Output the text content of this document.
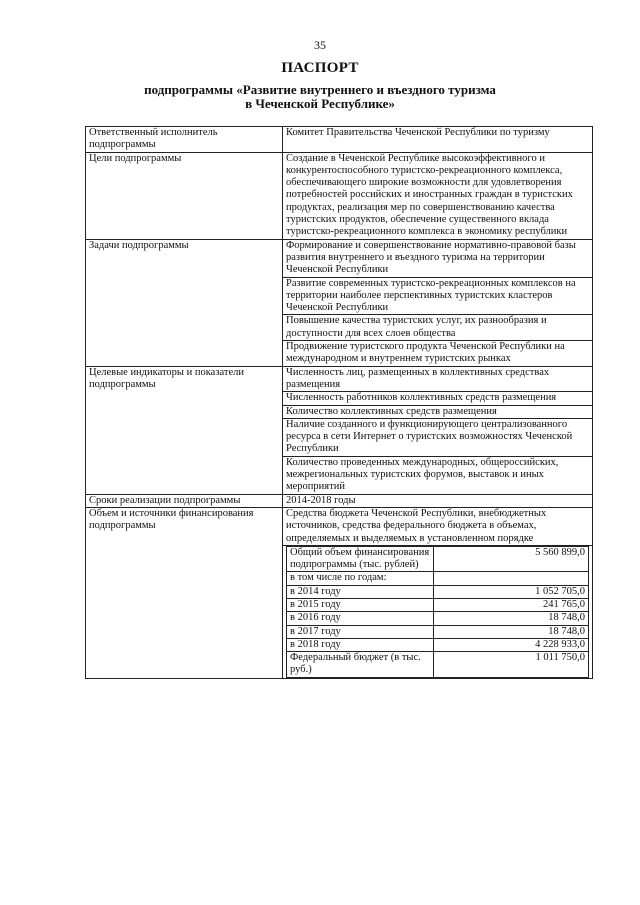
35
ПАСПОРТ
подпрограммы «Развитие внутреннего и въездного туризма
в Чеченской Республике»
Ответственный исполнитель подпрограммы	Комитет Правительства Чеченской Республики по туризму
Цели подпрограммы	Создание в Чеченской Республике высокоэффективного и конкурентоспособного туристско-рекреационного комплекса, обеспечивающего широкие возможности для удовлетворения потребностей российских и иностранных граждан в туристских продуктах, реализация мер по совершенствованию качества туристских продуктов, обеспечение существенного вклада туристско-рекреационного комплекса в экономику республики
Задачи подпрограммы	Формирование и совершенствование нормативно-правовой базы развития внутреннего и въездного туризма на территории Чеченской Республики
Развитие современных туристско-рекреационных комплексов на территории наиболее перспективных туристских кластеров Чеченской Республики
Повышение качества туристских услуг, их разнообразия и доступности для всех слоев общества
Продвижение туристского продукта Чеченской Республики на международном и внутреннем туристских рынках
Целевые индикаторы и показатели подпрограммы	Численность лиц, размещенных в коллективных средствах размещения
Численность работников коллективных средств размещения
Количество коллективных средств размещения
Наличие созданного и функционирующего централизованного ресурса в сети Интернет о туристских возможностях Чеченской Республики
Количество проведенных международных, общероссийских, межрегиональных туристских форумов, выставок и иных мероприятий
Сроки реализации подпрограммы	2014-2018 годы
Объем и источники финансирования подпрограммы	Средства бюджета Чеченской Республики, внебюджетных источников, средства федерального бюджета в объемах, определяемых и выделяемых в установленном порядке

Общий объем финансирования подпрограммы (тыс. рублей)	5 560 899,0
в том числе по годам:	
в 2014 году	1 052 705,0
в 2015 году	241 765,0
в 2016 году	18 748,0
в 2017 году	18 748,0
в 2018 году	4 228 933,0
Федеральный бюджет (в тыс. руб.)	1 011 750,0
